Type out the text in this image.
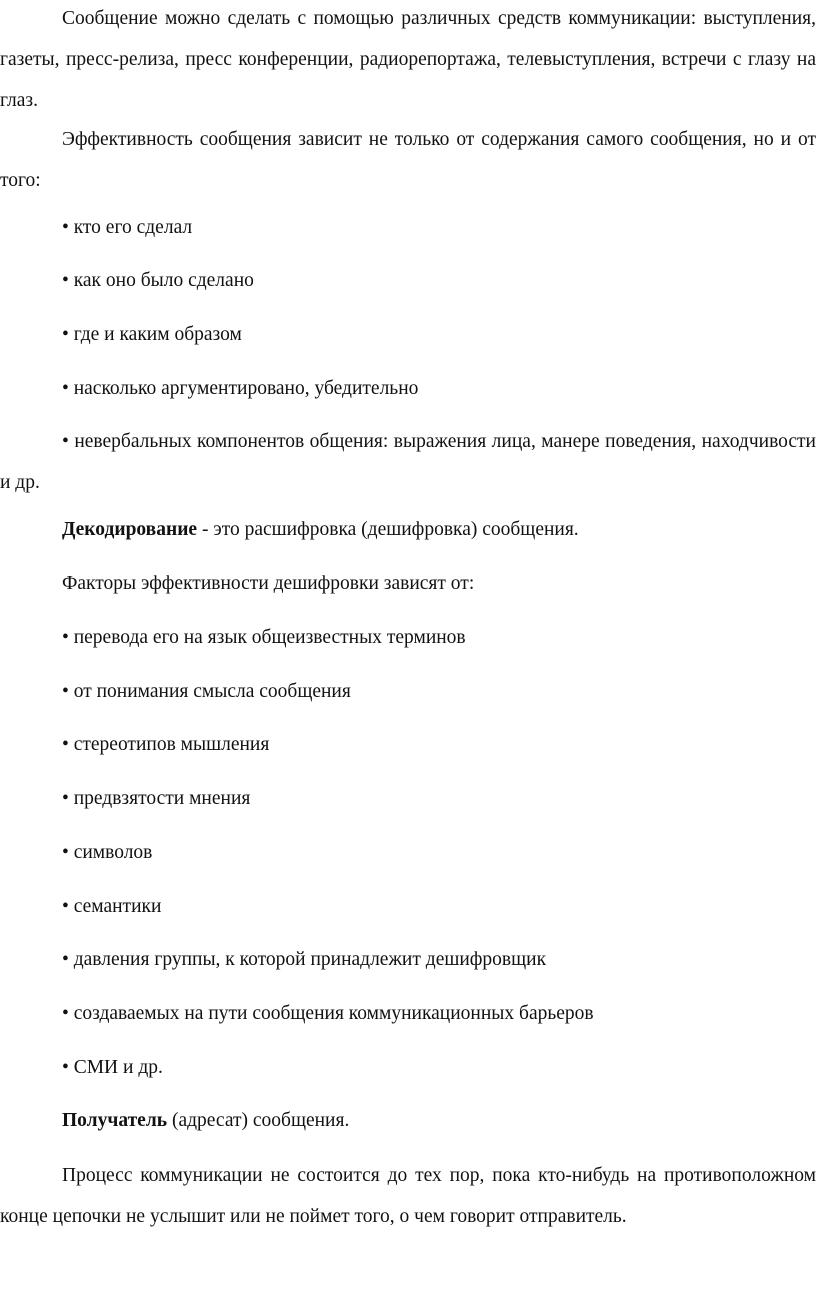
Сообщение можно сделать с помощью различных средств коммуникации: выступления, газеты, пресс-релиза, пресс конференции, радиорепортажа, телевыступления, встречи с глазу на глаз.

Эффективность сообщения зависит не только от содержания самого сообщения, но и от того:

• кто его сделал

• как оно было сделано

• где и каким образом

• насколько аргументировано, убедительно

• невербальных компонентов общения: выражения лица, манере поведения, находчивости и др.

Декодирование - это расшифровка (дешифровка) сообщения.

Факторы эффективности дешифровки зависят от:

• перевода его на язык общеизвестных терминов

• от понимания смысла сообщения

• стереотипов мышления

• предвзятости мнения

• символов

• семантики

• давления группы, к которой принадлежит дешифровщик

• создаваемых на пути сообщения коммуникационных барьеров

• СМИ и др.

Получатель (адресат) сообщения.

Процесс коммуникации не состоится до тех пор, пока кто-нибудь на противоположном конце цепочки не услышит или не поймет того, о чем говорит отправитель.
